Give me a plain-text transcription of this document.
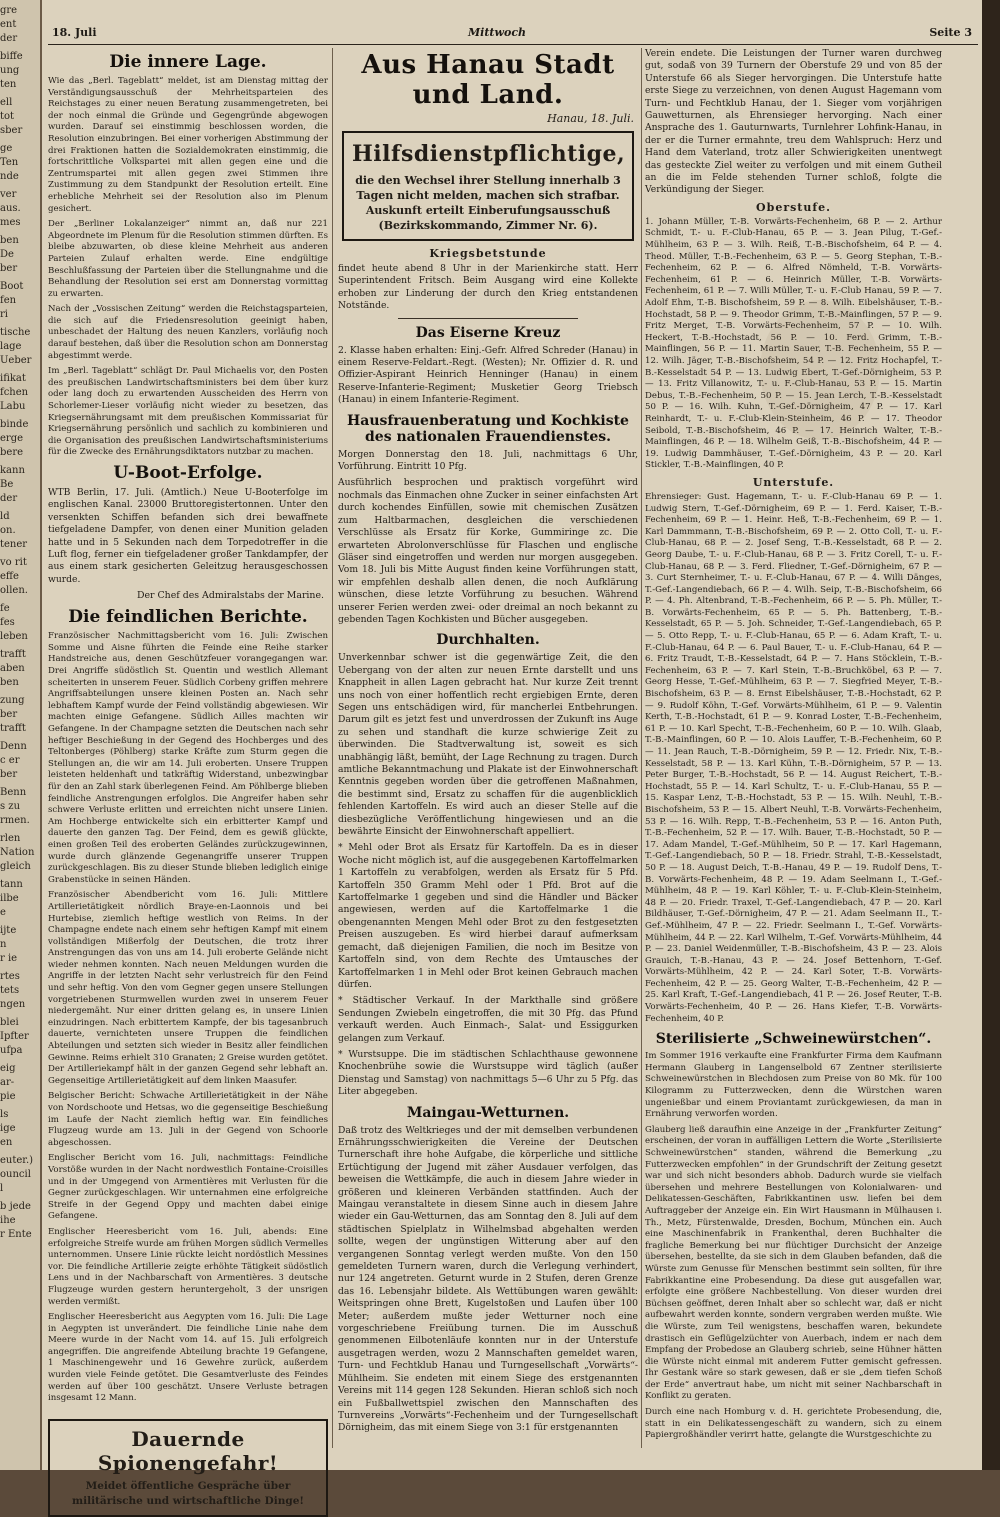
gre

ent

der

biffe

ung

ten

ell

tot

sber

ge

Ten

nde

ver

aus.

mes

ben

De

ber

Boot

fen

ri

tische

lage

Ueber

ifikat

fchen

Labu

binde

erge

bere

kann

Be

der

ld

on.

tener

vo rit

effe

ollen.

fe

fes

leben

trafft

aben

ben

zung

ber

trafft

Denn

c er

ber

Benn

s zu

rmen.

rlen

Nation

gleich

tann

ilbe

e

ijte

n

r ie

rtes

tets

ngen

blei

Ipfter

ufpa

eig

ar-

pie

ls

ige

en

euter.)

ouncil

l

b jede

ihe

r Ente

18. Juli	Mittwoch	Seite 3
Die innere Lage.

Wie das „Berl. Tageblatt“ meldet, ist am Dienstag mittag der Verständigungsausschuß der Mehrheitsparteien des Reichstages zu einer neuen Beratung zusammengetreten, bei der noch einmal die Gründe und Gegengründe abgewogen wurden. Darauf sei einstimmig beschlossen worden, die Resolution einzubringen. Bei einer vorherigen Abstimmung der drei Fraktionen hatten die Sozialdemokraten einstimmig, die fortschrittliche Volkspartei mit allen gegen eine und die Zentrumspartei mit allen gegen zwei Stimmen ihre Zustimmung zu dem Standpunkt der Resolution erteilt. Eine erhebliche Mehrheit sei der Resolution also im Plenum gesichert.

Der „Berliner Lokalanzeiger“ nimmt an, daß nur 221 Abgeordnete im Plenum für die Resolution stimmen dürften. Es bleibe abzuwarten, ob diese kleine Mehrheit aus anderen Parteien Zulauf erhalten werde. Eine endgültige Beschlußfassung der Parteien über die Stellungnahme und die Behandlung der Resolution sei erst am Donnerstag vormittag zu erwarten.

Nach der „Vossischen Zeitung“ werden die Reichstagsparteien, die sich auf die Friedensresolution geeinigt haben, unbeschadet der Haltung des neuen Kanzlers, vorläufig noch darauf bestehen, daß über die Resolution schon am Donnerstag abgestimmt werde.

Im „Berl. Tageblatt“ schlägt Dr. Paul Michaelis vor, den Posten des preußischen Landwirtschaftsministers bei dem über kurz oder lang doch zu erwartenden Ausscheiden des Herrn von Schorlemer-Lieser vorläufig nicht wieder zu besetzen, das Kriegsernährungsamt mit dem preußischen Kommissariat für Kriegsernährung persönlich und sachlich zu kombinieren und die Organisation des preußischen Landwirtschaftsministeriums für die Zwecke des Ernährungsdiktators nutzbar zu machen.

U-Boot-Erfolge.

WTB Berlin, 17. Juli. (Amtlich.) Neue U-Booterfolge im englischen Kanal. 23000 Bruttoregistertonnen. Unter den versenkten Schiffen befanden sich drei bewaffnete tiefgeladene Dampfer, von denen einer Munition geladen hatte und in 5 Sekunden nach dem Torpedotreffer in die Luft flog, ferner ein tiefgeladener großer Tankdampfer, der aus einem stark gesicherten Geleitzug herausgeschossen wurde.

Der Chef des Admiralstabs der Marine.
Die feindlichen Berichte.

Französischer Nachmittagsbericht vom 16. Juli: Zwischen Somme und Aisne führten die Feinde eine Reihe starker Handstreiche aus, denen Geschützfeuer vorangegangen war. Drei Angriffe südöstlich St. Quentin und westlich Allemant scheiterten in unserem Feuer. Südlich Corbeny griffen mehrere Angriffsabteilungen unsere kleinen Posten an. Nach sehr lebhaftem Kampf wurde der Feind vollständig abgewiesen. Wir machten einige Gefangene. Südlich Ailles machten wir Gefangene. In der Champagne setzten die Deutschen nach sehr heftiger Beschießung in der Gegend des Hochberges und des Teltonberges (Pöhlberg) starke Kräfte zum Sturm gegen die Stellungen an, die wir am 14. Juli eroberten. Unsere Truppen leisteten heldenhaft und tatkräftig Widerstand, unbezwingbar für den an Zahl stark überlegenen Feind. Am Pöhlberge blieben feindliche Anstrengungen erfolglos. Die Angreifer haben sehr schwere Verluste erlitten und erreichten nicht unsere Linien. Am Hochberge entwickelte sich ein erbitterter Kampf und dauerte den ganzen Tag. Der Feind, dem es gewiß glückte, einen großen Teil des eroberten Geländes zurückzugewinnen, wurde durch glänzende Gegenangriffe unserer Truppen zurückgeschlagen. Bis zu dieser Stunde blieben lediglich einige Grabenstücke in seinen Händen.

Französischer Abendbericht vom 16. Juli: Mittlere Artillerietätigkeit nördlich Braye-en-Laonnois und bei Hurtebise, ziemlich heftige westlich von Reims. In der Champagne endete nach einem sehr heftigen Kampf mit einem vollständigen Mißerfolg der Deutschen, die trotz ihrer Anstrengungen das von uns am 14. Juli eroberte Gelände nicht wieder nehmen konnten. Nach neuen Meldungen wurden die Angriffe in der letzten Nacht sehr verlustreich für den Feind und sehr heftig. Von den vom Gegner gegen unsere Stellungen vorgetriebenen Sturmwellen wurden zwei in unserem Feuer niedergemäht. Nur einer dritten gelang es, in unsere Linien einzudringen. Nach erbittertem Kampfe, der bis tagesanbruch dauerte, vernichteten unsere Truppen die feindlichen Abteilungen und setzten sich wieder in Besitz aller feindlichen Gewinne. Reims erhielt 310 Granaten; 2 Greise wurden getötet. Der Artilleriekampf hält in der ganzen Gegend sehr lebhaft an. Gegenseitige Artillerietätigkeit auf dem linken Maasufer.

Belgischer Bericht: Schwache Artillerietätigkeit in der Nähe von Nordschoote und Hetsas, wo die gegenseitige Beschießung im Laufe der Nacht ziemlich heftig war. Ein feindliches Flugzeug wurde am 13. Juli in der Gegend von Schoorle abgeschossen.

Englischer Bericht vom 16. Juli, nachmittags: Feindliche Vorstöße wurden in der Nacht nordwestlich Fontaine-Croisilles und in der Umgegend von Armentières mit Verlusten für die Gegner zurückgeschlagen. Wir unternahmen eine erfolgreiche Streife in der Gegend Oppy und machten dabei einige Gefangene.

Englischer Heeresbericht vom 16. Juli, abends: Eine erfolgreiche Streife wurde am frühen Morgen südlich Vermelles unternommen. Unsere Linie rückte leicht nordöstlich Messines vor. Die feindliche Artillerie zeigte erhöhte Tätigkeit südöstlich Lens und in der Nachbarschaft von Armentières. 3 deutsche Flugzeuge wurden gestern heruntergeholt, 3 der unsrigen werden vermißt.

Englischer Heeresbericht aus Aegypten vom 16. Juli: Die Lage in Aegypten ist unverändert. Die feindliche Linie nahe dem Meere wurde in der Nacht vom 14. auf 15. Juli erfolgreich angegriffen. Die angreifende Abteilung brachte 19 Gefangene, 1 Maschinengewehr und 16 Gewehre zurück, außerdem wurden viele Feinde getötet. Die Gesamtverluste des Feindes werden auf über 100 geschätzt. Unsere Verluste betragen insgesamt 12 Mann.

Dauernde Spionengefahr!
Meidet öffentliche Gespräche über militärische und wirtschaftliche Dinge!
Aus Hanau Stadt und Land.
Hanau, 18. Juli.
Hilfsdienstpflichtige,
die den Wechsel ihrer Stellung innerhalb 3 Tagen nicht melden, machen sich strafbar. Auskunft erteilt Einberufungsausschuß (Bezirkskommando, Zimmer Nr. 6).
Kriegsbetstunde

findet heute abend 8 Uhr in der Marienkirche statt. Herr Superintendent Fritsch. Beim Ausgang wird eine Kollekte erhoben zur Linderung der durch den Krieg entstandenen Notstände.

Das Eiserne Kreuz

2. Klasse haben erhalten: Einj.-Gefr. Alfred Schreder (Hanau) in einem Reserve-Feldart.-Regt. (Westen); Nr. Offizier d. R. und Offizier-Aspirant Heinrich Henninger (Hanau) in einem Reserve-Infanterie-Regiment; Musketier Georg Triebsch (Hanau) in einem Infanterie-Regiment.

Hausfrauenberatung und Kochkiste des nationalen Frauendienstes.

Morgen Donnerstag den 18. Juli, nachmittags 6 Uhr, Vorführung. Eintritt 10 Pfg.

Ausführlich besprochen und praktisch vorgeführt wird nochmals das Einmachen ohne Zucker in seiner einfachsten Art durch kochendes Einfüllen, sowie mit chemischen Zusätzen zum Haltbarmachen, desgleichen die verschiedenen Verschlüsse als Ersatz für Korke, Gummiringe zc. Die erwarteten Abrolonverschlüsse für Flaschen und englische Gläser sind eingetroffen und werden nur morgen ausgegeben. Vom 18. Juli bis Mitte August finden keine Vorführungen statt, wir empfehlen deshalb allen denen, die noch Aufklärung wünschen, diese letzte Vorführung zu besuchen. Während unserer Ferien werden zwei- oder dreimal an noch bekannt zu gebenden Tagen Kochkisten und Bücher ausgegeben.

Durchhalten.

Unverkennbar schwer ist die gegenwärtige Zeit, die den Uebergang von der alten zur neuen Ernte darstellt und uns Knappheit in allen Lagen gebracht hat. Nur kurze Zeit trennt uns noch von einer hoffentlich recht ergiebigen Ernte, deren Segen uns entschädigen wird, für mancherlei Entbehrungen. Darum gilt es jetzt fest und unverdrossen der Zukunft ins Auge zu sehen und standhaft die kurze schwierige Zeit zu überwinden. Die Stadtverwaltung ist, soweit es sich unabhängig läßt, bemüht, der Lage Rechnung zu tragen. Durch amtliche Bekanntmachung und Plakate ist der Einwohnerschaft Kenntnis gegeben worden über die getroffenen Maßnahmen, die bestimmt sind, Ersatz zu schaffen für die augenblicklich fehlenden Kartoffeln. Es wird auch an dieser Stelle auf die diesbezügliche Veröffentlichung hingewiesen und an die bewährte Einsicht der Einwohnerschaft appelliert.

* Mehl oder Brot als Ersatz für Kartoffeln. Da es in dieser Woche nicht möglich ist, auf die ausgegebenen Kartoffelmarken 1 Kartoffeln zu verabfolgen, werden als Ersatz für 5 Pfd. Kartoffeln 350 Gramm Mehl oder 1 Pfd. Brot auf die Kartoffelmarke 1 gegeben und sind die Händler und Bäcker angewiesen, werden auf die Kartoffelmarke 1 die obengenannten Mengen Mehl oder Brot zu den festgesetzten Preisen auszugeben. Es wird hierbei darauf aufmerksam gemacht, daß diejenigen Familien, die noch im Besitze von Kartoffeln sind, von dem Rechte des Umtausches der Kartoffelmarken 1 in Mehl oder Brot keinen Gebrauch machen dürfen.

* Städtischer Verkauf. In der Markthalle sind größere Sendungen Zwiebeln eingetroffen, die mit 30 Pfg. das Pfund verkauft werden. Auch Einmach-, Salat- und Essiggurken gelangen zum Verkauf.

* Wurstsuppe. Die im städtischen Schlachthause gewonnene Knochenbrühe sowie die Wurstsuppe wird täglich (außer Dienstag und Samstag) von nachmittags 5—6 Uhr zu 5 Pfg. das Liter abgegeben.

Maingau-Wetturnen.

Daß trotz des Weltkrieges und der mit demselben verbundenen Ernährungsschwierigkeiten die Vereine der Deutschen Turnerschaft ihre hohe Aufgabe, die körperliche und sittliche Ertüchtigung der Jugend mit zäher Ausdauer verfolgen, das beweisen die Wettkämpfe, die auch in diesem Jahre wieder in größeren und kleineren Verbänden stattfinden. Auch der Maingau veranstaltete in diesem Sinne auch in diesem Jahre wieder ein Gau-Wetturnen, das am Sonntag den 8. Juli auf dem städtischen Spielplatz in Wilhelmsbad abgehalten werden sollte, wegen der ungünstigen Witterung aber auf den vergangenen Sonntag verlegt werden mußte. Von den 150 gemeldeten Turnern waren, durch die Verlegung verhindert, nur 124 angetreten. Geturnt wurde in 2 Stufen, deren Grenze das 16. Lebensjahr bildete. Als Wettübungen waren gewählt: Weitspringen ohne Brett, Kugelstoßen und Laufen über 100 Meter; außerdem mußte jeder Wetturner noch eine vorgeschriebene Freiübung turnen. Die im Ausschuß genommenen Eilbotenläufe konnten nur in der Unterstufe ausgetragen werden, wozu 2 Mannschaften gemeldet waren, Turn- und Fechtklub Hanau und Turngesellschaft „Vorwärts“-Mühlheim. Sie endeten mit einem Siege des erstgenannten Vereins mit 114 gegen 128 Sekunden. Hieran schloß sich noch ein Fußballwettspiel zwischen den Mannschaften des Turnvereins „Vorwärts“-Fechenheim und der Turngesellschaft Dörnigheim, das mit einem Siege von 3:1 für erstgenannten

Verein endete. Die Leistungen der Turner waren durchweg gut, sodaß von 39 Turnern der Oberstufe 29 und von 85 der Unterstufe 66 als Sieger hervorgingen. Die Unterstufe hatte erste Siege zu verzeichnen, von denen August Hagemann vom Turn- und Fechtklub Hanau, der 1. Sieger vom vorjährigen Gauwetturnen, als Ehrensieger hervorging. Nach einer Ansprache des 1. Gauturnwarts, Turnlehrer Lohfink-Hanau, in der er die Turner ermahnte, treu dem Wahlspruch: Herz und Hand dem Vaterland, trotz aller Schwierigkeiten unentwegt das gesteckte Ziel weiter zu verfolgen und mit einem Gutheil an die im Felde stehenden Turner schloß, folgte die Verkündigung der Sieger.

Oberstufe.

1. Johann Müller, T.-B. Vorwärts-Fechenheim, 68 P. — 2. Arthur Schmidt, T.- u. F.-Club-Hanau, 65 P. — 3. Jean Pilug, T.-Gef.-Mühlheim, 63 P. — 3. Wilh. Reiß, T.-B.-Bischofsheim, 64 P. — 4. Theod. Müller, T.-B.-Fechenheim, 63 P. — 5. Georg Stephan, T.-B.-Fechenheim, 62 P. — 6. Alfred Nömheld, T.-B. Vorwärts-Fechenheim, 61 P. — 6. Heinrich Müller, T.-B. Vorwärts-Fechenheim, 61 P. — 7. Willi Müller, T.- u. F.-Club Hanau, 59 P. — 7. Adolf Ehm, T.-B. Bischofsheim, 59 P. — 8. Wilh. Eibelshäuser, T.-B.-Hochstadt, 58 P. — 9. Theodor Grimm, T.-B.-Mainflingen, 57 P. — 9. Fritz Merget, T.-B. Vorwärts-Fechenheim, 57 P. — 10. Wilh. Heckert, T.-B.-Hochstadt, 56 P. — 10. Ferd. Grimm, T.-B.-Mainflingen, 56 P. — 11. Martin Sauer, T.-B. Fechenheim, 55 P. — 12. Wilh. Jäger, T.-B.-Bischofsheim, 54 P. — 12. Fritz Hochapfel, T.-B.-Kesselstadt 54 P. — 13. Ludwig Ebert, T.-Gef.-Dörnigheim, 53 P. — 13. Fritz Villanowitz, T.- u. F.-Club-Hanau, 53 P. — 15. Martin Debus, T.-B.-Fechenheim, 50 P. — 15. Jean Lerch, T.-B.-Kesselstadt 50 P. — 16. Wilh. Kuhn, T.-Gef.-Dörnigheim, 47 P. — 17. Karl Reinhardt, T.- u. F.-Club-Klein-Steinheim, 46 P. — 17. Theodor Seibold, T.-B.-Bischofsheim, 46 P. — 17. Heinrich Walter, T.-B.-Mainflingen, 46 P. — 18. Wilhelm Geiß, T.-B.-Bischofsheim, 44 P. — 19. Ludwig Dammhäuser, T.-Gef.-Dörnigheim, 43 P. — 20. Karl Stickler, T.-B.-Mainflingen, 40 P.

Unterstufe.

Ehrensieger: Gust. Hagemann, T.- u. F.-Club-Hanau 69 P. — 1. Ludwig Stern, T.-Gef.-Dörnigheim, 69 P. — 1. Ferd. Kaiser, T.-B.-Fechenheim, 69 P. — 1. Heinr. Heß, T.-B.-Fechenheim, 69 P. — 1. Karl Dammmann, T.-B.-Bischofsheim, 69 P. — 2. Otto Coll, T.- u. F.-Club-Hanau, 68 P. — 2. Josef Seng, T.-B.-Kesselstadt, 68 P. — 2. Georg Daube, T.- u. F.-Club-Hanau, 68 P. — 3. Fritz Corell, T.- u. F.-Club-Hanau, 68 P. — 3. Ferd. Fliedner, T.-Gef.-Dörnigheim, 67 P. — 3. Curt Sternheimer, T.- u. F.-Club-Hanau, 67 P. — 4. Willi Dänges, T.-Gef.-Langendiebach, 66 P. — 4. Wilh. Seip, T.-B.-Bischofsheim, 66 P. — 4. Ph. Altenbrand, T.-B.-Fechenheim, 66 P. — 5. Ph. Müller, T.-B. Vorwärts-Fechenheim, 65 P. — 5. Ph. Battenberg, T.-B.-Kesselstadt, 65 P. — 5. Joh. Schneider, T.-Gef.-Langendiebach, 65 P. — 5. Otto Repp, T.- u. F.-Club-Hanau, 65 P. — 6. Adam Kraft, T.- u. F.-Club-Hanau, 64 P. — 6. Paul Bauer, T.- u. F.-Club-Hanau, 64 P. — 6. Fritz Traudt, T.-B.-Kesselstadt, 64 P. — 7. Hans Stöcklein, T.-B.-Fechenheim, 63 P. — 7. Karl Stein, T.-B.-Bruchköbel, 63 P. — 7. Georg Hesse, T.-Gef.-Mühlheim, 63 P. — 7. Siegfried Meyer, T.-B.-Bischofsheim, 63 P. — 8. Ernst Eibelshäuser, T.-B.-Hochstadt, 62 P. — 9. Rudolf Köhn, T.-Gef. Vorwärts-Mühlheim, 61 P. — 9. Valentin Kerth, T.-B.-Hochstadt, 61 P. — 9. Konrad Loster, T.-B.-Fechenheim, 61 P. — 10. Karl Specht, T.-B.-Fechenheim, 60 P. — 10. Wilh. Glaab, T.-B.-Mainflingen, 60 P. — 10. Alois Lauffer, T.-B.-Fechenheim, 60 P. — 11. Jean Rauch, T.-B.-Dörnigheim, 59 P. — 12. Friedr. Nix, T.-B.-Kesselstadt, 58 P. — 13. Karl Kühn, T.-B.-Dörnigheim, 57 P. — 13. Peter Burger, T.-B.-Hochstadt, 56 P. — 14. August Reichert, T.-B.-Hochstadt, 55 P. — 14. Karl Schultz, T.- u. F.-Club-Hanau, 55 P. — 15. Kaspar Lenz, T.-B.-Hochstadt, 53 P. — 15. Wilh. Neuhl, T.-B.-Bischofsheim, 53 P. — 15. Albert Neuhl, T.-B. Vorwärts-Fechenheim, 53 P. — 16. Wilh. Repp, T.-B.-Fechenheim, 53 P. — 16. Anton Puth, T.-B.-Fechenheim, 52 P. — 17. Wilh. Bauer, T.-B.-Hochstadt, 50 P. — 17. Adam Mandel, T.-Gef.-Mühlheim, 50 P. — 17. Karl Hagemann, T.-Gef.-Langendiebach, 50 P. — 18. Friedr. Strahl, T.-B.-Kesselstadt, 50 P. — 18. August Deich, T.-B.-Hanau, 49 P. — 19. Rudolf Dens, T.-B. Vorwärts-Fechenheim, 48 P. — 19. Adam Seelmann I., T.-Gef.-Mühlheim, 48 P. — 19. Karl Köhler, T.- u. F.-Club-Klein-Steinheim, 48 P. — 20. Friedr. Traxel, T.-Gef.-Langendiebach, 47 P. — 20. Karl Bildhäuser, T.-Gef.-Dörnigheim, 47 P. — 21. Adam Seelmann II., T.-Gef.-Mühlheim, 47 P. — 22. Friedr. Seelmann I., T.-Gef. Vorwärts-Mühlheim, 44 P. — 22. Karl Wilhelm, T.-Gef. Vorwärts-Mühlheim, 44 P. — 23. Daniel Weidenmüller, T.-B.-Bischofsheim, 43 P. — 23. Alois Grauich, T.-B.-Hanau, 43 P. — 24. Josef Bettenhorn, T.-Gef. Vorwärts-Mühlheim, 42 P. — 24. Karl Soter, T.-B. Vorwärts-Fechenheim, 42 P. — 25. Georg Walter, T.-B.-Fechenheim, 42 P. — 25. Karl Kraft, T.-Gef.-Langendiebach, 41 P. — 26. Josef Reuter, T.-B. Vorwärts-Fechenheim, 40 P. — 26. Hans Kiefer, T.-B. Vorwärts-Fechenheim, 40 P.

Sterilisierte „Schweinewürstchen“.

Im Sommer 1916 verkaufte eine Frankfurter Firma dem Kaufmann Hermann Glauberg in Langenselbold 67 Zentner sterilisierte Schweinewürstchen in Blechdosen zum Preise von 80 Mk. für 100 Kilogramm zu Futterzwecken, denn die Würstchen waren ungenießbar und einem Proviantamt zurückgewiesen, da man in Ernährung verworfen worden.

Glauberg ließ daraufhin eine Anzeige in der „Frankfurter Zeitung“ erscheinen, der voran in auffälligen Lettern die Worte „Sterilisierte Schweinewürstchen“ standen, während die Bemerkung „zu Futterzwecken empfohlen“ in der Grundschrift der Zeitung gesetzt war und sich nicht besonders abhob. Dadurch wurde sie vielfach übersehen und mehrere Bestellungen von Kolonialwaren- und Delikatessen-Geschäften, Fabrikkantinen usw. liefen bei dem Auftraggeber der Anzeige ein. Ein Wirt Hausmann in Mülhausen i. Th., Metz, Fürstenwalde, Dresden, Bochum, München ein. Auch eine Maschinenfabrik in Frankenthal, deren Buchhalter die fragliche Bemerkung bei nur flüchtiger Durchsicht der Anzeige übersehen, bestellte, da sie sich in dem Glauben befanden, daß die Würste zum Genusse für Menschen bestimmt sein sollten, für ihre Fabrikkantine eine Probesendung. Da diese gut ausgefallen war, erfolgte eine größere Nachbestellung. Von dieser wurden drei Büchsen geöffnet, deren Inhalt aber so schlecht war, daß er nicht aufbewahrt werden konnte, sondern vergraben werden mußte. Wie die Würste, zum Teil wenigstens, beschaffen waren, bekundete drastisch ein Geflügelzüchter von Auerbach, indem er nach dem Empfang der Probedose an Glauberg schrieb, seine Hühner hätten die Würste nicht einmal mit anderem Futter gemischt gefressen. Ihr Gestank wäre so stark gewesen, daß er sie „dem tiefen Schoß der Erde“ anvertraut habe, um nicht mit seiner Nachbarschaft in Konflikt zu geraten.

Durch eine nach Homburg v. d. H. gerichtete Probesendung, die, statt in ein Delikatessengeschäft zu wandern, sich zu einem Papiergroßhändler verirrt hatte, gelangte die Wurstgeschichte zu
